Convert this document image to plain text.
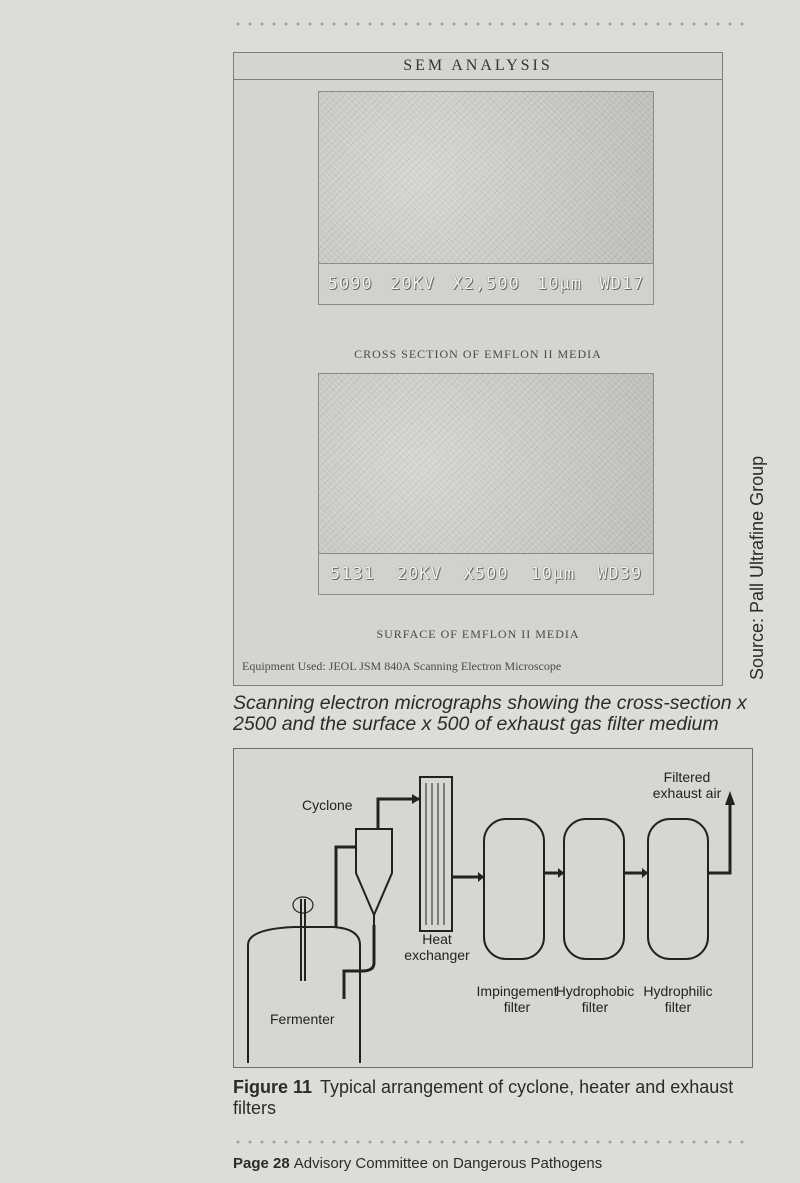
SEM ANALYSIS
5090 20KV X2,500 10µm WD17
CROSS SECTION OF EMFLON II MEDIA
5131 20KV X500 10µm WD39
SURFACE OF EMFLON II MEDIA
Equipment Used: JEOL JSM 840A Scanning Electron Microscope	Source: Pall Ultrafine Group
Scanning electron micrographs showing the cross-section x 2500 and the surface x 500 of exhaust gas filter medium
Filtered
exhaust air
Cyclone
Heat
exchanger
Impingement
filter
Hydrophobic
filter
Hydrophilic
filter
Fermenter
Figure 11 Typical arrangement of cyclone, heater and exhaust filters
Page 28 Advisory Committee on Dangerous Pathogens
